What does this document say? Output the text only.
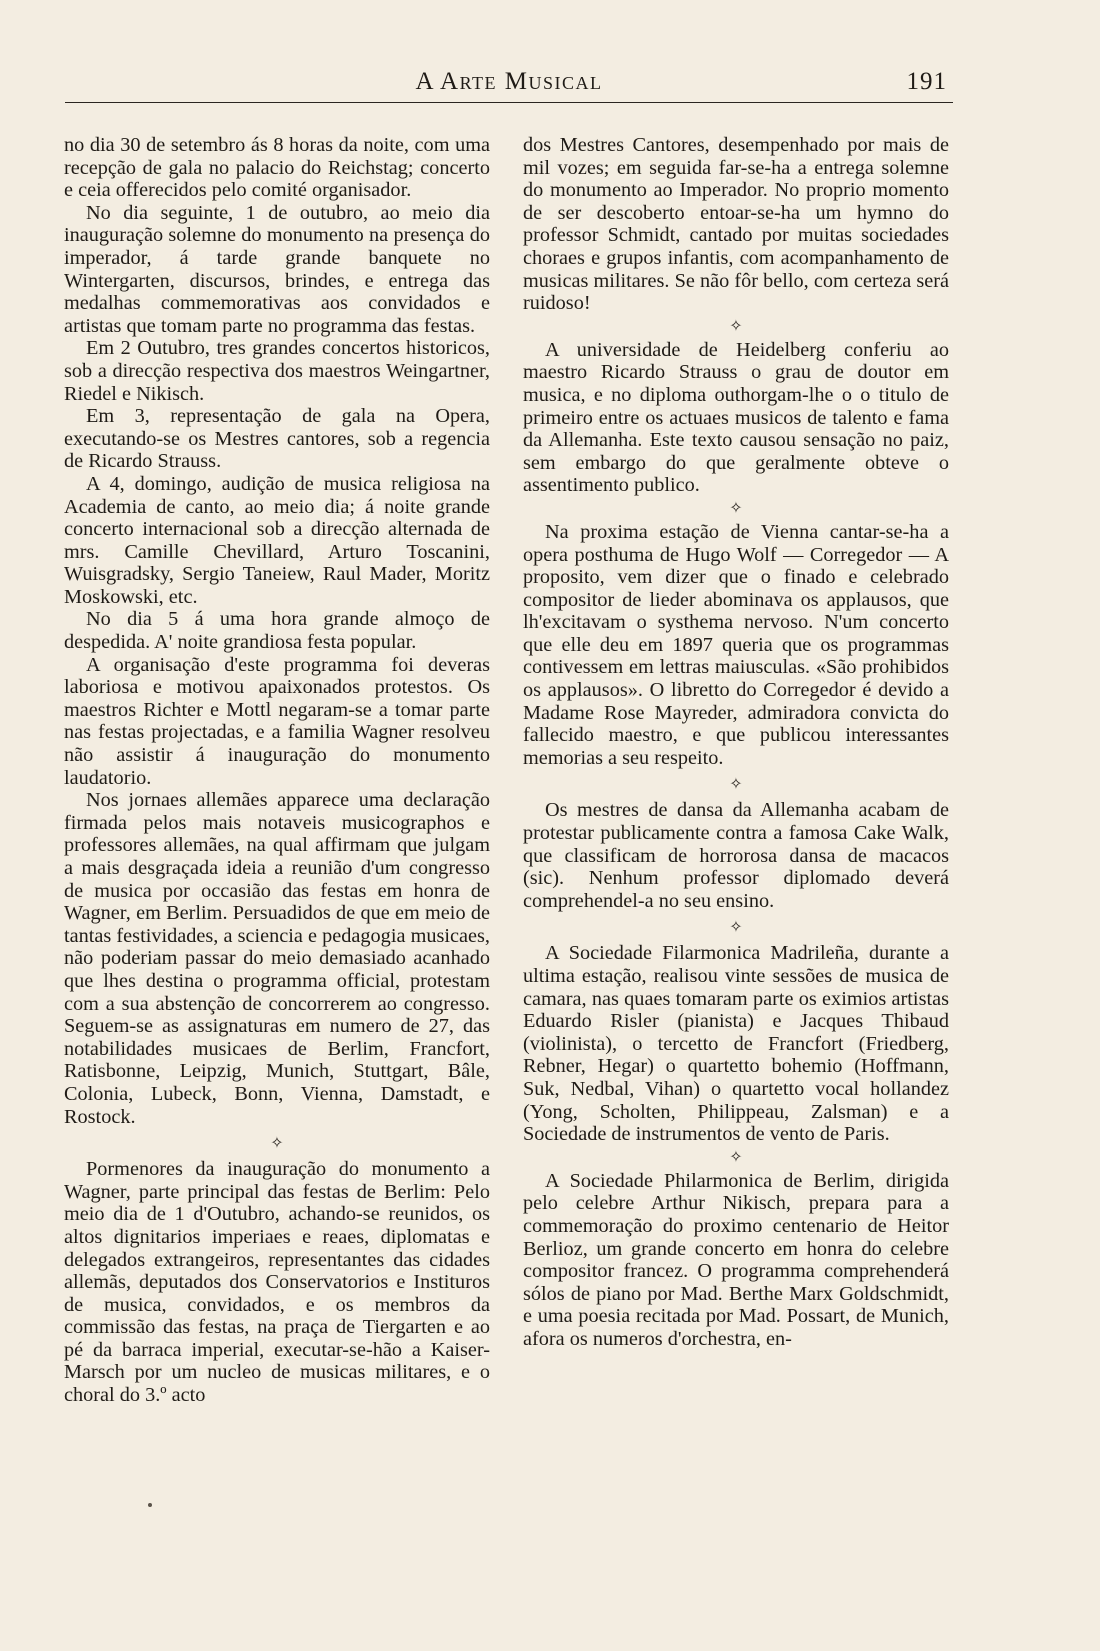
A Arte Musical	191

no dia 30 de setembro ás 8 horas da noite, com uma recepção de gala no palacio do Reichstag; concerto e ceia offerecidos pelo comité organisador.

No dia seguinte, 1 de outubro, ao meio dia inauguração solemne do monumento na presença do imperador, á tarde grande banquete no Wintergarten, discursos, brindes, e entrega das medalhas commemorativas aos convidados e artistas que tomam parte no programma das festas.

Em 2 Outubro, tres grandes concertos historicos, sob a direcção respectiva dos maestros Weingartner, Riedel e Nikisch.

Em 3, representação de gala na Opera, executando-se os Mestres cantores, sob a regencia de Ricardo Strauss.

A 4, domingo, audição de musica religiosa na Academia de canto, ao meio dia; á noite grande concerto internacional sob a direcção alternada de mrs. Camille Chevillard, Arturo Toscanini, Wuisgradsky, Sergio Taneiew, Raul Mader, Moritz Moskowski, etc.

No dia 5 á uma hora grande almoço de despedida. A' noite grandiosa festa popular.

A organisação d'este programma foi deveras laboriosa e motivou apaixonados protestos. Os maestros Richter e Mottl negaram-se a tomar parte nas festas projectadas, e a familia Wagner resolveu não assistir á inauguração do monumento laudatorio.

Nos jornaes allemães apparece uma declaração firmada pelos mais notaveis musicographos e professores allemães, na qual affirmam que julgam a mais desgraçada ideia a reunião d'um congresso de musica por occasião das festas em honra de Wagner, em Berlim. Persuadidos de que em meio de tantas festividades, a sciencia e pedagogia musicaes, não poderiam passar do meio demasiado acanhado que lhes destina o programma official, protestam com a sua abstenção de concorrerem ao congresso. Seguem-se as assignaturas em numero de 27, das notabilidades musicaes de Berlim, Francfort, Ratisbonne, Leipzig, Munich, Stuttgart, Bâle, Colonia, Lubeck, Bonn, Vienna, Damstadt, e Rostock.

✧

Pormenores da inauguração do monumento a Wagner, parte principal das festas de Berlim: Pelo meio dia de 1 d'Outubro, achando-se reunidos, os altos dignitarios imperiaes e reaes, diplomatas e delegados extrangeiros, representantes das cidades allemãs, deputados dos Conservatorios e Instituros de musica, convidados, e os membros da commissão das festas, na praça de Tiergarten e ao pé da barraca imperial, executar-se-hão a Kaiser-Marsch por um nucleo de musicas militares, e o choral do 3.º acto

dos Mestres Cantores, desempenhado por mais de mil vozes; em seguida far-se-ha a entrega solemne do monumento ao Imperador. No proprio momento de ser descoberto entoar-se-ha um hymno do professor Schmidt, cantado por muitas sociedades choraes e grupos infantis, com acompanhamento de musicas militares. Se não fôr bello, com certeza será ruidoso!

✧

A universidade de Heidelberg conferiu ao maestro Ricardo Strauss o grau de doutor em musica, e no diploma outhorgam-lhe o o titulo de primeiro entre os actuaes musicos de talento e fama da Allemanha. Este texto causou sensação no paiz, sem embargo do que geralmente obteve o assentimento publico.

✧

Na proxima estação de Vienna cantar-se-ha a opera posthuma de Hugo Wolf — Corregedor — A proposito, vem dizer que o finado e celebrado compositor de lieder abominava os applausos, que lh'excitavam o systhema nervoso. N'um concerto que elle deu em 1897 queria que os programmas contivessem em lettras maiusculas. «São prohibidos os applausos». O libretto do Corregedor é devido a Madame Rose Mayreder, admiradora convicta do fallecido maestro, e que publicou interessantes memorias a seu respeito.

✧

Os mestres de dansa da Allemanha acabam de protestar publicamente contra a famosa Cake Walk, que classificam de horrorosa dansa de macacos (sic). Nenhum professor diplomado deverá comprehendel-a no seu ensino.

✧

A Sociedade Filarmonica Madrileña, durante a ultima estação, realisou vinte sessões de musica de camara, nas quaes tomaram parte os eximios artistas Eduardo Risler (pianista) e Jacques Thibaud (violinista), o tercetto de Francfort (Friedberg, Rebner, Hegar) o quartetto bohemio (Hoffmann, Suk, Nedbal, Vihan) o quartetto vocal hollandez (Yong, Scholten, Philippeau, Zalsman) e a Sociedade de instrumentos de vento de Paris.

✧

A Sociedade Philarmonica de Berlim, dirigida pelo celebre Arthur Nikisch, prepara para a commemoração do proximo centenario de Heitor Berlioz, um grande concerto em honra do celebre compositor francez. O programma comprehenderá sólos de piano por Mad. Berthe Marx Goldschmidt, e uma poesia recitada por Mad. Possart, de Munich, afora os numeros d'orchestra, en-
